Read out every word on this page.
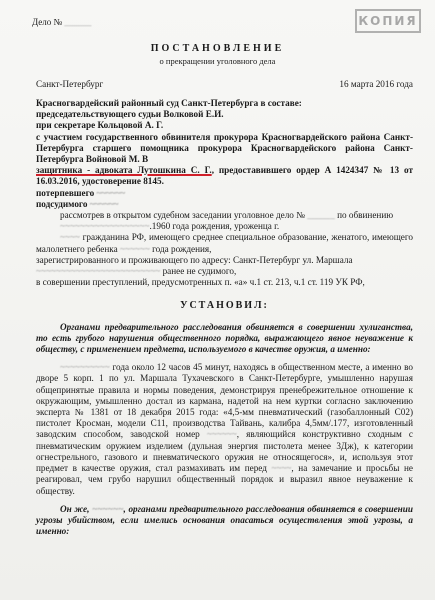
Дело № ______	КОПИЯ
ПОСТАНОВЛЕНИЕ
о прекращении уголовного дела
Санкт-Петербург	16 марта 2016 года

Красногвардейский районный суд Санкт-Петербурга в составе:

председательствующего судьи Волковой Е.И.

при секретаре Кольцовой А. Г.

с участием государственного обвинителя прокурора Красногвардейского района Санкт-Петербурга старшего помощника прокурора Красногвардейского района Санкт-Петербурга Войновой М. В

защитника - адвоката Лутошкина С. Г., предоставившего ордер А 1424347 № 13 от 16.03.2016, удостоверение 8145.

потерпевшего ~~~~~~

подсудимого ~~~~~~

рассмотрев в открытом судебном заседании уголовное дело № ______ по обвинению

~~~~~~~~~~~~~~~~~~.1960 года рождения, уроженца г.

~~~~ гражданина РФ, имеющего среднее специальное образование, женатого, имеющего малолетнего ребенка ~~~~~~ года рождения,

зарегистрированного и проживающего по адресу: Санкт-Петербург ул. Маршала

~~~~~~~~~~~~~~~~~~~~~~~~~ ранее не судимого,

в совершении преступлений, предусмотренных п. «а» ч.1 ст. 213, ч.1 ст. 119 УК РФ,

УСТАНОВИЛ:

Органами предварительного расследования обвиняется в совершении хулиганства, то есть грубого нарушения общественного порядка, выражающего явное неуважение к обществу, с применением предмета, используемого в качестве оружия, а именно:

~~~~~~~~~~ года около 12 часов 45 минут, находясь в общественном месте, а именно во дворе 5 корп. 1 по ул. Маршала Тухачевского в Санкт-Петербурге, умышленно нарушая общепринятые правила и нормы поведения, демонстрируя пренебрежительное отношение к окружающим, умышленно достал из кармана, надетой на нем куртки согласно заключению эксперта № 1381 от 18 декабря 2015 года: «4,5-мм пневматический (газобаллонный С02) пистолет Кросман, модели С11, производства Тайвань, калибра 4,5мм/.177, изготовленный заводским способом, заводской номер ~~~~~~, являющийся конструктивно сходным с пневматическим оружием изделием (дульная энергия пистолета менее 3Дж), к категории огнестрельного, газового и пневматического оружия не относящегося», и, используя этот предмет в качестве оружия, стал размахивать им перед ~~~~, на замечание и просьбы не реагировал, чем грубо нарушил общественный порядок и выразил явное неуважение к обществу.

Он же, ~~~~~~, органами предварительного расследования обвиняется в совершении угрозы убийством, если имелись основания опасаться осуществления этой угрозы, а именно:
